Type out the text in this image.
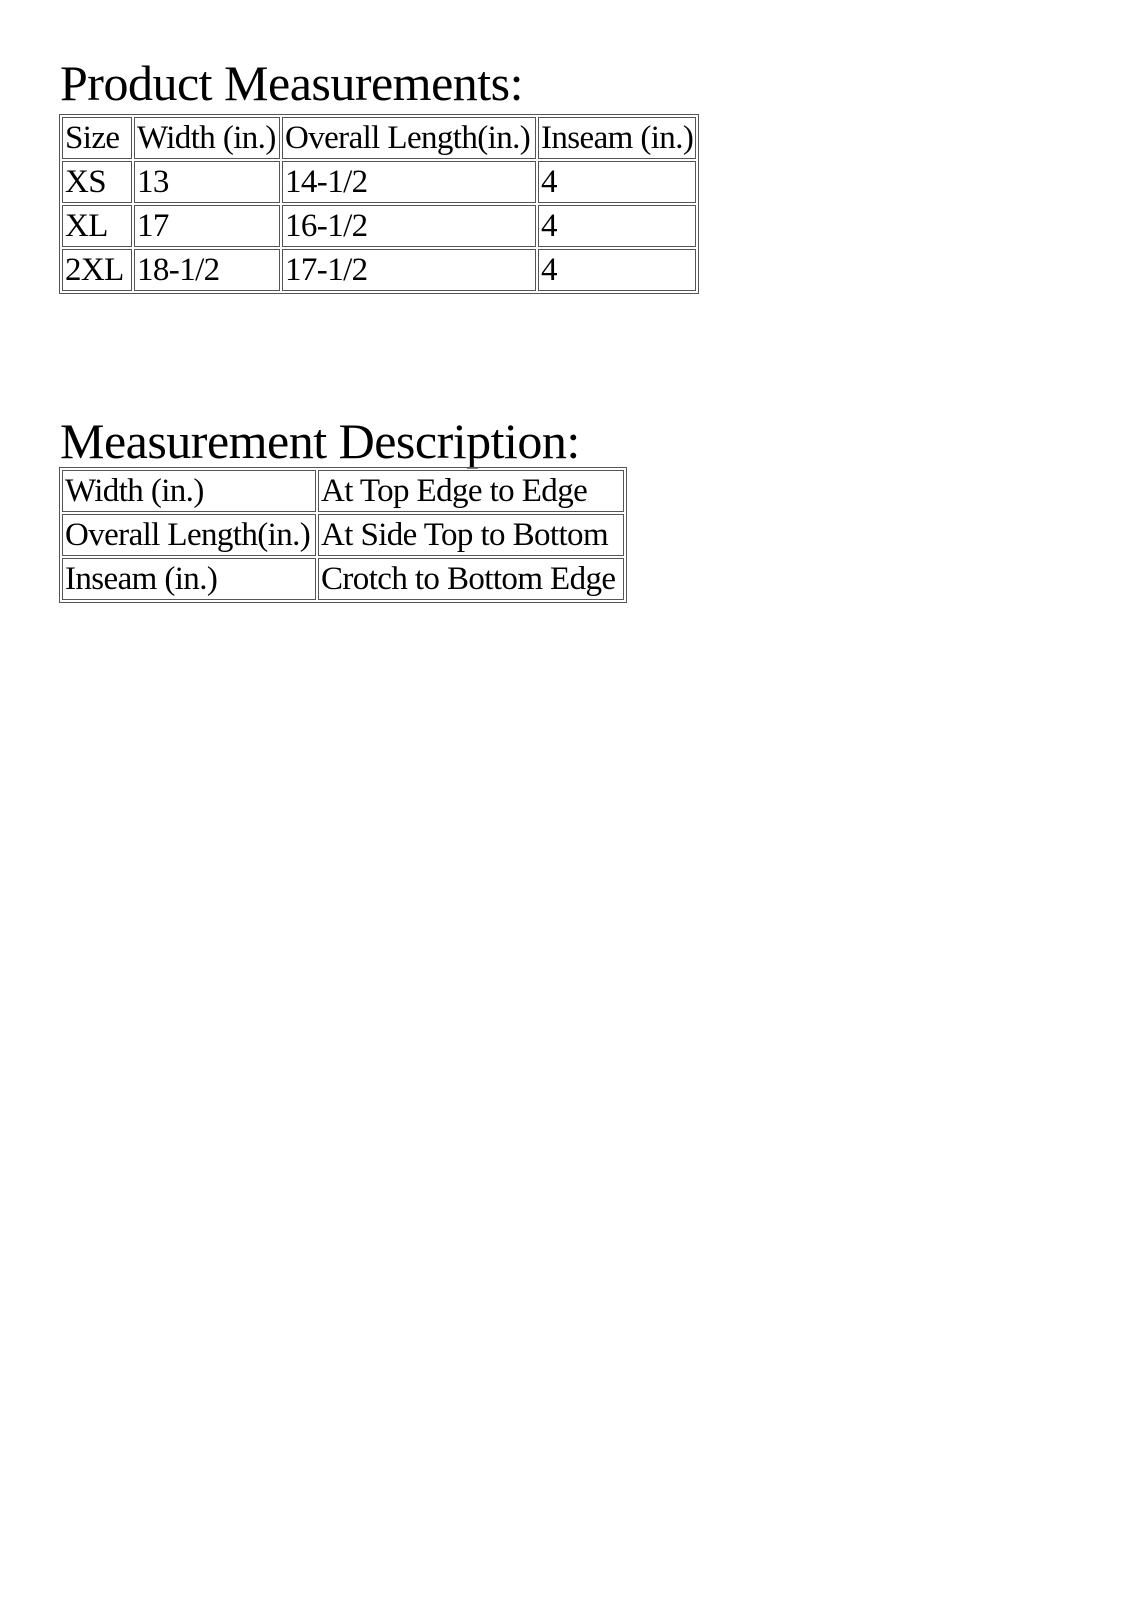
Product Measurements:
Size	Width (in.)	Overall Length(in.)	Inseam (in.)
XS	13	14-1/2	4
XL	17	16-1/2	4
2XL	18-1/2	17-1/2	4
Measurement Description:
Width (in.)	At Top Edge to Edge
Overall Length(in.)	At Side Top to Bottom
Inseam (in.)	Crotch to Bottom Edge
